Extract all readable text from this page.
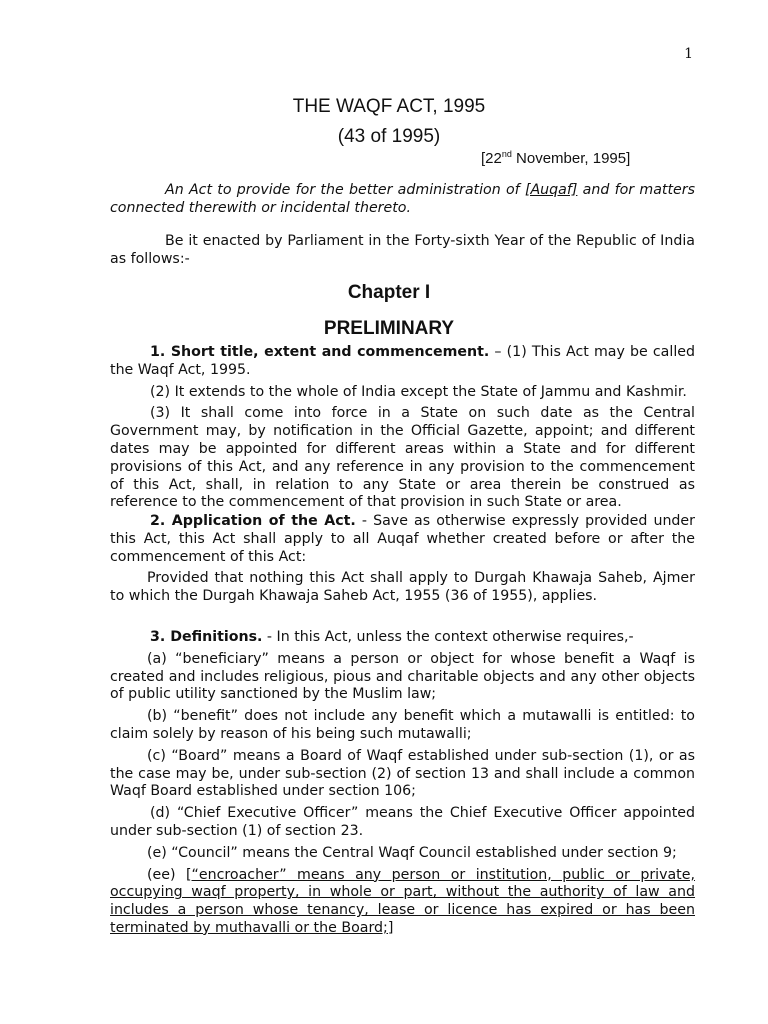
1
THE WAQF ACT, 1995
(43 of 1995)
[22nd November, 1995]

An Act to provide for the better administration of [Auqaf] and for matters connected therewith or incidental thereto.

Be it enacted by Parliament in the Forty-sixth Year of the Republic of India as follows:-

Chapter I
PRELIMINARY

1. Short title, extent and commencement. – (1) This Act may be called the Waqf Act, 1995.

(2) It extends to the whole of India except the State of Jammu and Kashmir.

(3) It shall come into force in a State on such date as the Central Government may, by notification in the Official Gazette, appoint; and different dates may be appointed for different areas within a State and for different provisions of this Act, and any reference in any provision to the commencement of this Act, shall, in relation to any State or area therein be construed as reference to the commencement of that provision in such State or area.

2. Application of the Act. - Save as otherwise expressly provided under this Act, this Act shall apply to all Auqaf whether created before or after the commencement of this Act:

Provided that nothing this Act shall apply to Durgah Khawaja Saheb, Ajmer to which the Durgah Khawaja Saheb Act, 1955 (36 of 1955), applies.

3. Definitions. - In this Act, unless the context otherwise requires,-

(a) “beneficiary” means a person or object for whose benefit a Waqf is created and includes religious, pious and charitable objects and any other objects of public utility sanctioned by the Muslim law;

(b) “benefit” does not include any benefit which a mutawalli is entitled: to claim solely by reason of his being such mutawalli;

(c) “Board” means a Board of Waqf established under sub-section (1), or as the case may be, under sub-section (2) of section 13 and shall include a common Waqf Board established under section 106;

(d) “Chief Executive Officer” means the Chief Executive Officer appointed under sub-section (1) of section 23.

(e) “Council” means the Central Waqf Council established under section 9;

(ee) [“encroacher” means any person or institution, public or private, occupying waqf property, in whole or part, without the authority of law and includes a person whose tenancy, lease or licence has expired or has been terminated by muthavalli or the Board;]
